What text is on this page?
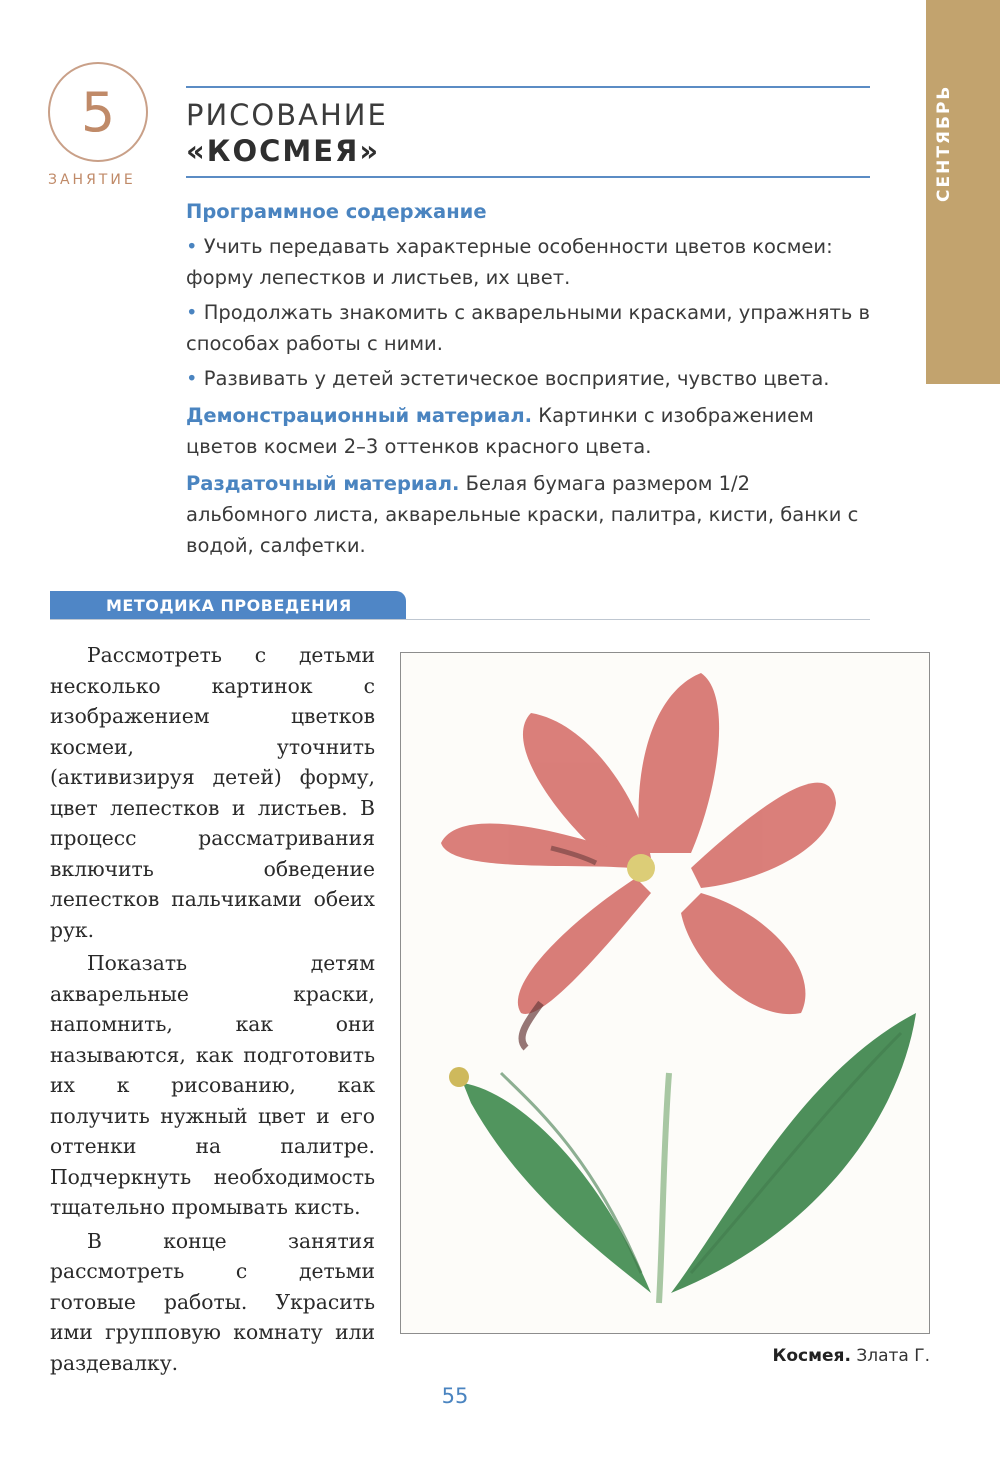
5
ЗАНЯТИЕ
РИСОВАНИЕ
«КОСМЕЯ»	СЕНТЯБРЬ

Программное содержание

• Учить передавать характерные особенности цветов космеи: форму лепестков и листьев, их цвет.

• Продолжать знакомить с акварельными красками, упражнять в способах работы с ними.

• Развивать у детей эстетическое восприятие, чувство цвета.

Демонстрационный материал. Картинки с изображением цветов космеи 2–3 оттенков красного цвета.

Раздаточный материал. Белая бумага размером 1/2 альбомного листа, акварельные краски, палитра, кисти, банки с водой, салфетки.

МЕТОДИКА ПРОВЕДЕНИЯ

Рассмотреть с детьми несколько картинок с изображением цветков космеи, уточнить (активизируя детей) форму, цвет лепестков и листьев. В процесс рассматривания включить обведение лепестков пальчиками обеих рук.

Показать детям акварельные краски, напомнить, как они называются, как подготовить их к рисованию, как получить нужный цвет и его оттенки на палитре. Подчеркнуть необходимость тщательно промывать кисть.

В конце занятия рассмотреть с детьми готовые работы. Украсить ими групповую комнату или раздевалку.	Космея. Злата Г.
55
